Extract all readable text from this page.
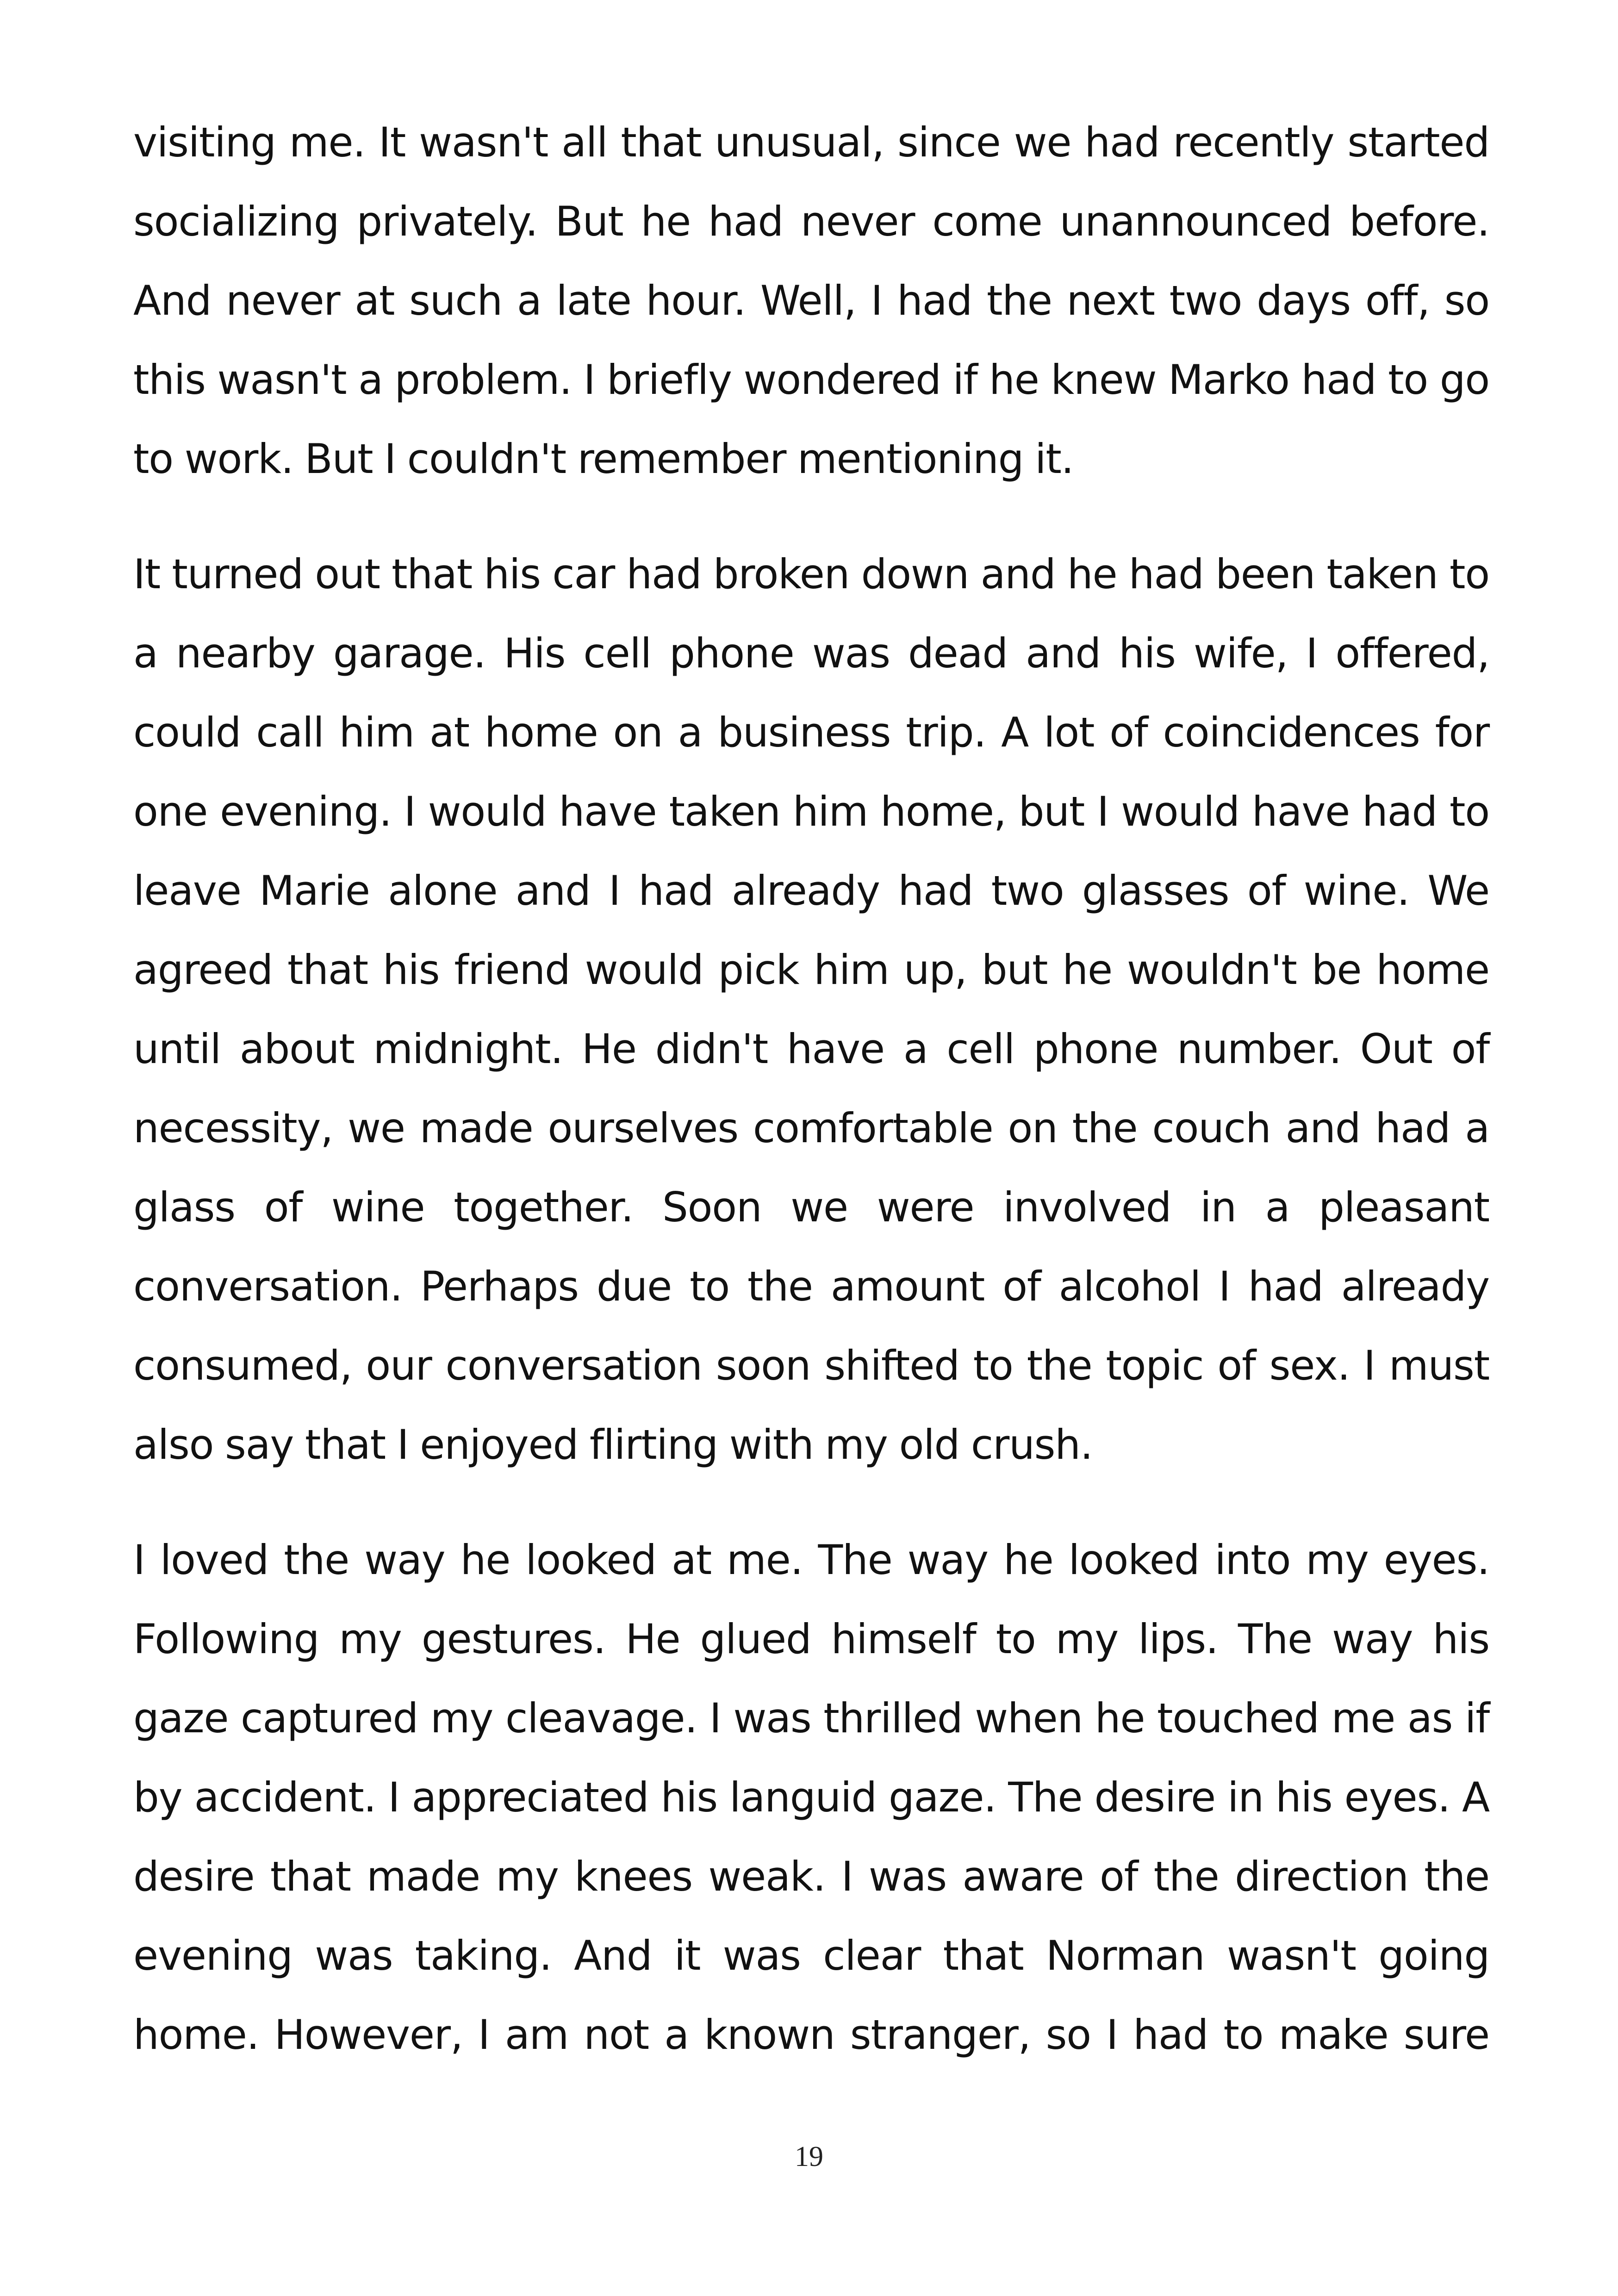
visiting me. It wasn't all that unusual, since we had recently started socializing privately. But he had never come unannounced before. And never at such a late hour. Well, I had the next two days off, so this wasn't a problem. I briefly wondered if he knew Marko had to go to work. But I couldn't remember mentioning it.

It turned out that his car had broken down and he had been taken to a nearby garage. His cell phone was dead and his wife, I offered, could call him at home on a business trip. A lot of coincidences for one evening. I would have taken him home, but I would have had to leave Marie alone and I had already had two glasses of wine. We agreed that his friend would pick him up, but he wouldn't be home until about midnight. He didn't have a cell phone number. Out of necessity, we made ourselves comfortable on the couch and had a glass of wine together. Soon we were involved in a pleasant conversation. Perhaps due to the amount of alcohol I had already consumed, our conversation soon shifted to the topic of sex. I must also say that I enjoyed flirting with my old crush.

I loved the way he looked at me. The way he looked into my eyes. Following my gestures. He glued himself to my lips. The way his gaze captured my cleavage. I was thrilled when he touched me as if by accident. I appreciated his languid gaze. The desire in his eyes. A desire that made my knees weak. I was aware of the direction the evening was taking. And it was clear that Norman wasn't going home. However, I am not a known stranger, so I had to make sure

19
